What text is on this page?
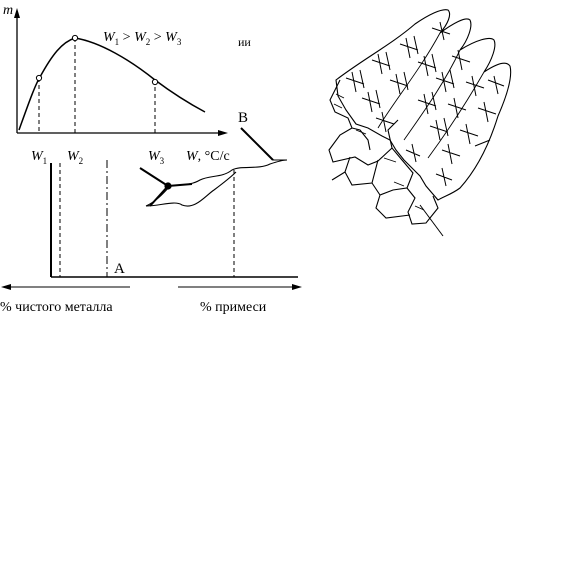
m
$W_1 > W_2 > W_3$	ии
$W_1$ $W_2$	$W_3$ W, °C/c
A
B
% чистого металла	% примеси
